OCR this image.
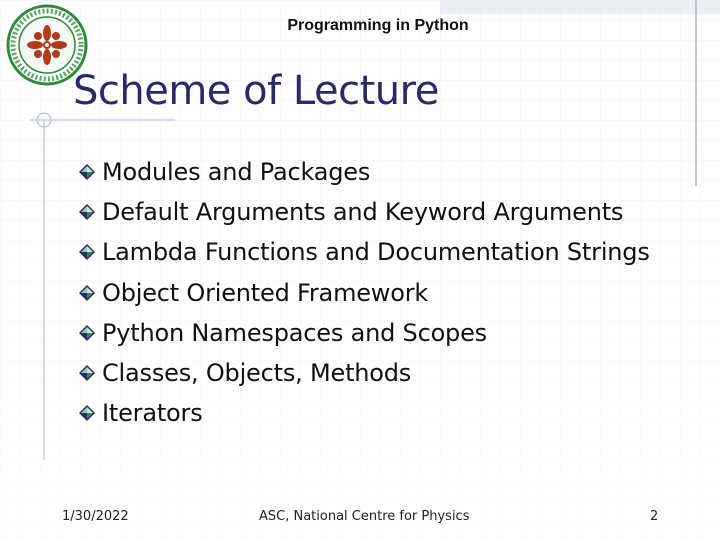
Programming in Python
Scheme of Lecture
Modules and Packages
Default Arguments and Keyword Arguments
Lambda Functions and Documentation Strings
Object Oriented Framework
Python Namespaces and Scopes
Classes, Objects, Methods
Iterators
1/30/2022	ASC, National Centre for Physics	2
